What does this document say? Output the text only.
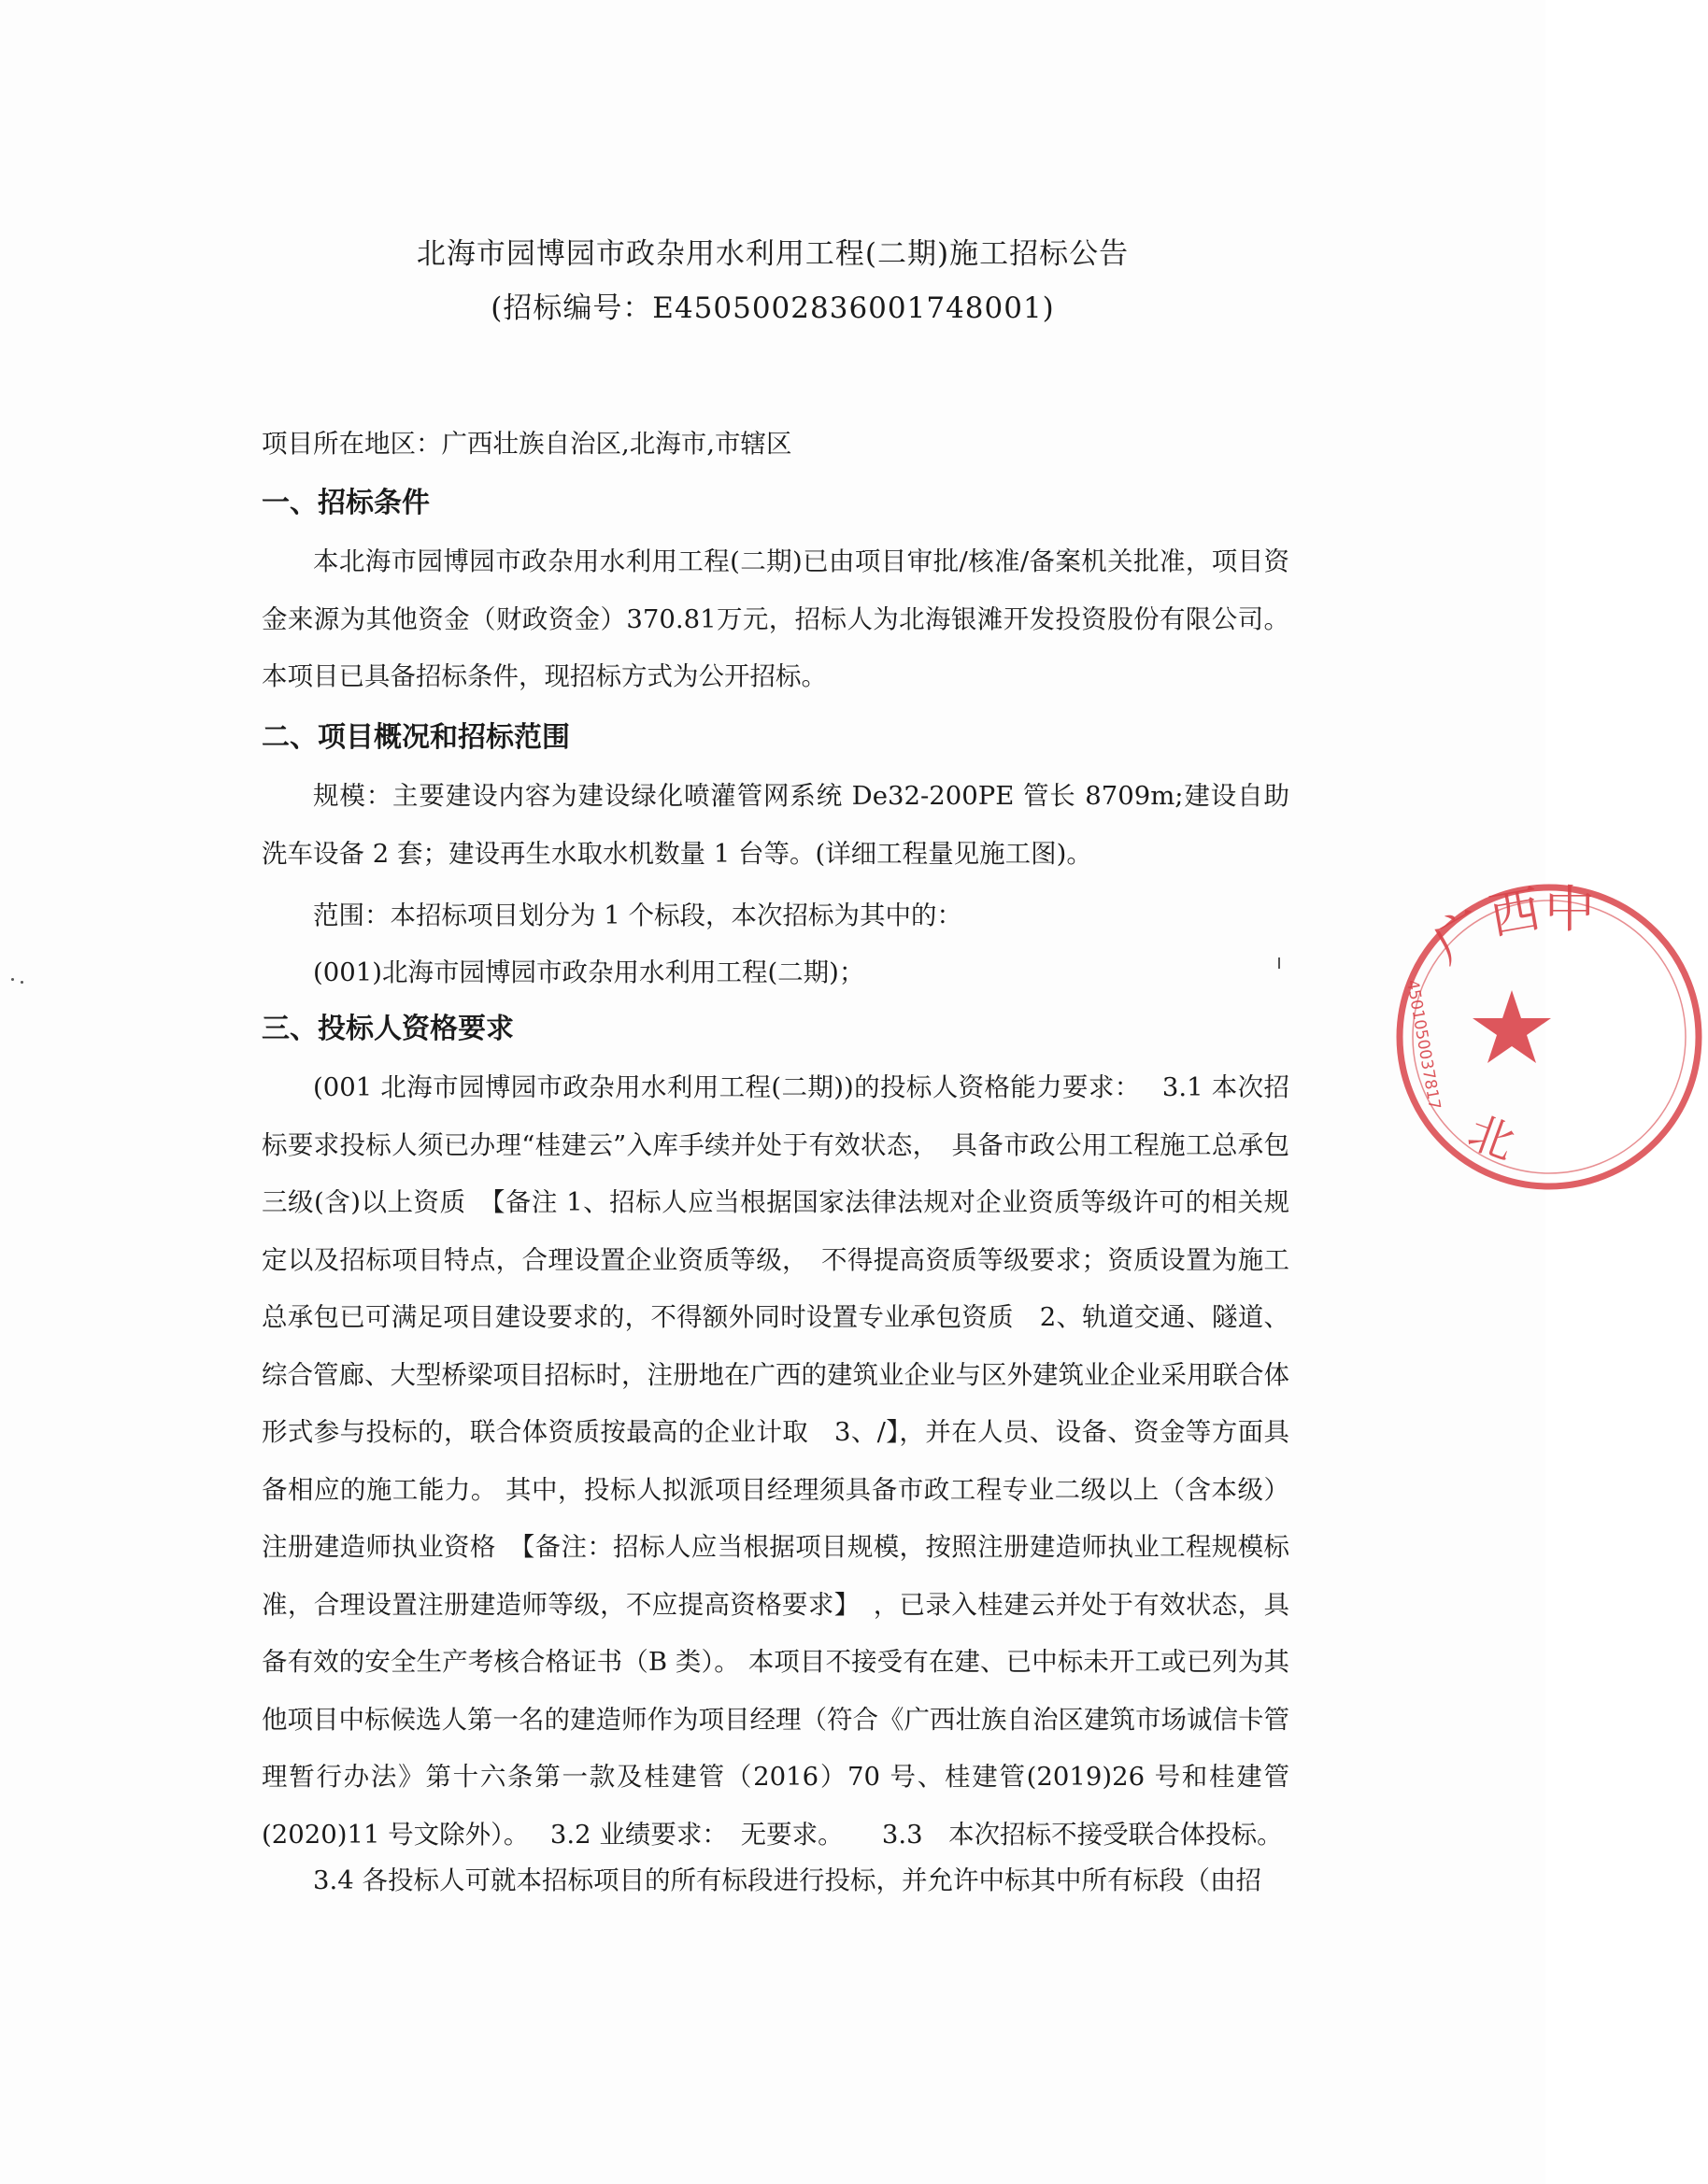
北海市园博园市政杂用水利用工程(二期)施工招标公告
(招标编号：E4505002836001748001)
项目所在地区：广西壮族自治区,北海市,市辖区
一、招标条件
本北海市园博园市政杂用水利用工程(二期)已由项目审批/核准/备案机关批准，项目资金来源为其他资金（财政资金）370.81万元，招标人为北海银滩开发投资股份有限公司。本项目已具备招标条件，现招标方式为公开招标。
二、项目概况和招标范围
规模：主要建设内容为建设绿化喷灌管网系统 De32-200PE 管长 8709m;建设自助洗车设备 2 套；建设再生水取水机数量 1 台等。(详细工程量见施工图)。
范围：本招标项目划分为 1 个标段，本次招标为其中的：
(001)北海市园博园市政杂用水利用工程(二期)；
三、投标人资格要求
(001 北海市园博园市政杂用水利用工程(二期))的投标人资格能力要求：　 3.1 本次招标要求投标人须已办理“桂建云”入库手续并处于有效状态，　具备市政公用工程施工总承包三级(含)以上资质　【备注 1、招标人应当根据国家法律法规对企业资质等级许可的相关规定以及招标项目特点，合理设置企业资质等级，　不得提高资质等级要求；资质设置为施工总承包已可满足项目建设要求的，不得额外同时设置专业承包资质　2、轨道交通、隧道、综合管廊、大型桥梁项目招标时，注册地在广西的建筑业企业与区外建筑业企业采用联合体形式参与投标的，联合体资质按最高的企业计取　3、/】，并在人员、设备、资金等方面具备相应的施工能力。 其中，投标人拟派项目经理须具备市政工程专业二级以上（含本级）注册建造师执业资格　【备注：招标人应当根据项目规模，按照注册建造师执业工程规模标准，合理设置注册建造师等级，不应提高资格要求】　，已录入桂建云并处于有效状态，具备有效的安全生产考核合格证书（B 类）。 本项目不接受有在建、已中标未开工或已列为其他项目中标候选人第一名的建造师作为项目经理（符合《广西壮族自治区建筑市场诚信卡管理暂行办法》第十六条第一款及桂建管（2016）70 号、桂建管(2019)26 号和桂建管(2020)11 号文除外）。　 3.2 业绩要求：　无要求。　　3.3　本次招标不接受联合体投标。
3.4 各投标人可就本招标项目的所有标段进行投标，并允许中标其中所有标段（由招
广
西 中
4501050037817
北
